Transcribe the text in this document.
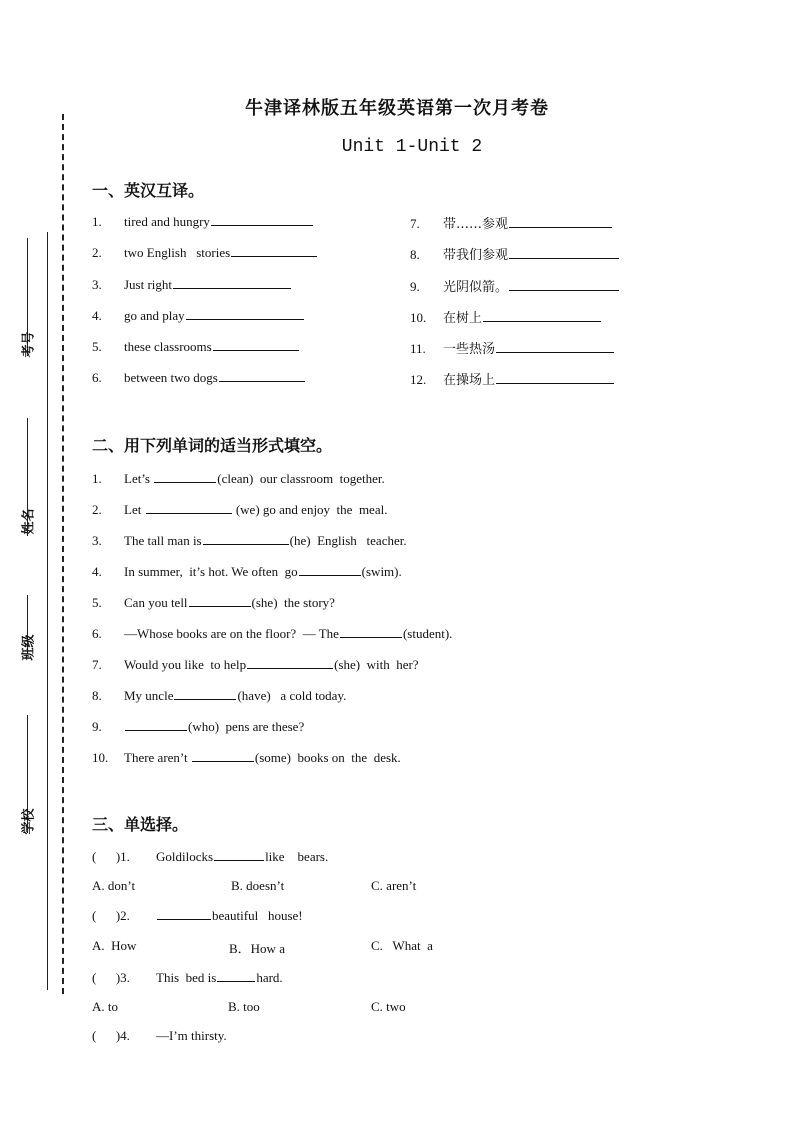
考号
姓名
班级
学校
牛津译林版五年级英语第一次月考卷
Unit 1-Unit 2
一、英汉互译。
1.	tired and hungry
2.	two English   stories
3.	Just right
4.	go and play
5.	these classrooms
6.	between two dogs
7.	带……参观
8.	带我们参观
9.	光阴似箭。
10.	在树上
11.	一些热汤
12.	在操场上
二、用下列单词的适当形式填空。
1.	Let’s	(clean) our classroom  together.
2.	Let	(we) go and enjoy  the  meal.
3.	The tall man is	(he) English   teacher.
4.	In summer,  it’s hot. We often  go	(swim).
5.	Can you tell	(she) the story?
6.	—Whose books are on the floor?  — The	(student).
7.	Would you like  to help	(she) with  her?
8.	My uncle	(have) a cold today.
9.	(who) pens are these?
10.	There aren’t	(some) books on  the  desk.
三、单选择。
(      )1.	Goldilocks	like    bears.
A. don’t	B. doesn’t	C. aren’t
(      )2.	beautiful   house!
A.  How	B．How a	C.   What  a
(      )3.	This  bed is	hard.
A. to	B. too	C. two
(      )4.	—I’m thirsty.
